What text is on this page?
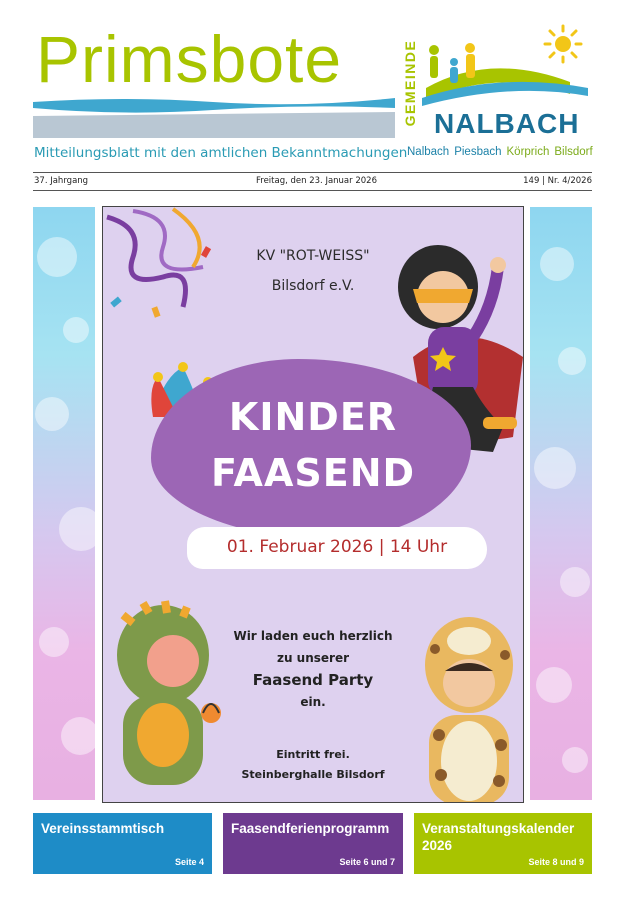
Primsbote
Mitteilungsblatt mit den amtlichen Bekanntmachungen
GEMEINDE NALBACH
Nalbach Piesbach Körprich Bilsdorf
37. Jahrgang	Freitag, den 23. Januar 2026	149 | Nr. 4/2026
KV "ROT-WEISS"
Bilsdorf e.V.
KINDER
FAASEND
01. Februar 2026 | 14 Uhr
Wir laden euch herzlich
zu unserer
Faasend Party
ein.
Eintritt frei.
Steinberghalle Bilsdorf
Vereinsstammtisch
Seite 4
Faasendferienprogramm
Seite 6 und 7
Veranstaltungskalender 2026
Seite 8 und 9
